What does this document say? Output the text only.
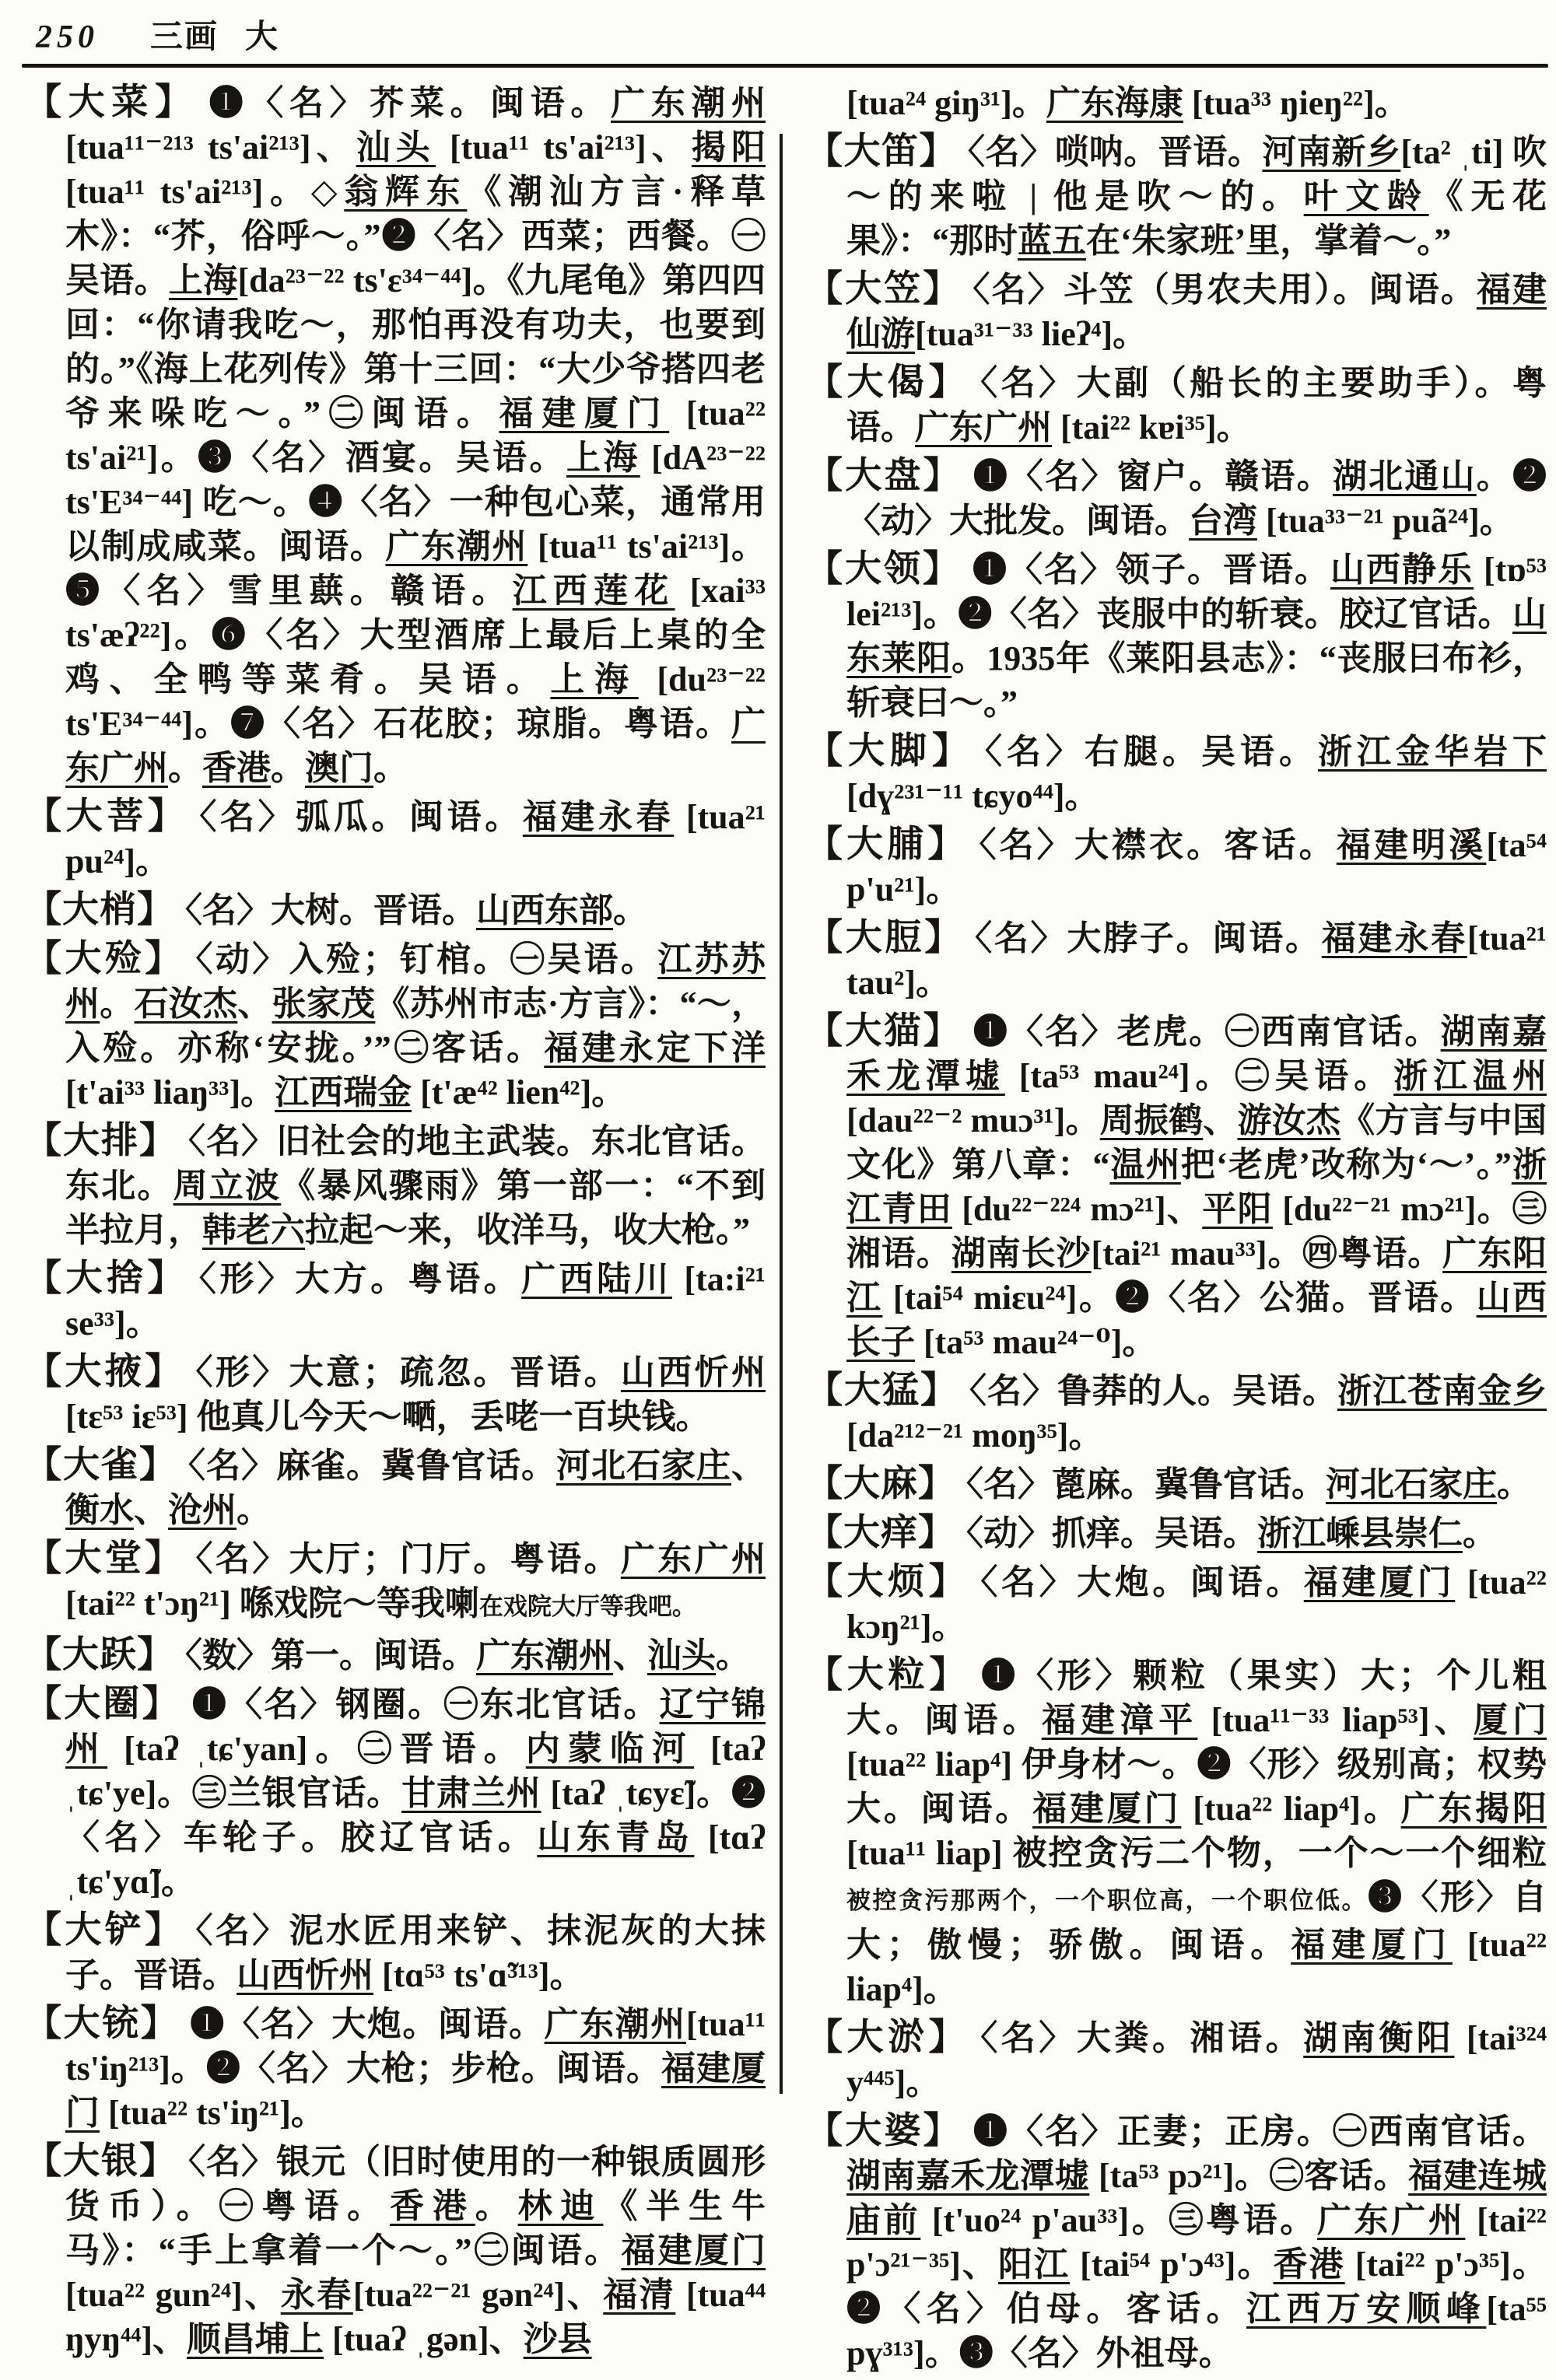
250 三画 大
【大菜】 ❶〈名〉芥菜。闽语。广东潮州 [tua¹¹⁻²¹³ ts'ai²¹³]、汕头 [tua¹¹ ts'ai²¹³]、揭阳 [tua¹¹ ts'ai²¹³]。◇翁辉东《潮汕方言·释草木》：“芥，俗呼～。”❷〈名〉西菜；西餐。㊀吴语。上海[da²³⁻²² ts'ε³⁴⁻⁴⁴]。《九尾龟》第四四回：“你请我吃～，那怕再没有功夫，也要到的。”《海上花列传》第十三回：“大少爷搭四老爷来哚吃～。”㊁闽语。福建厦门 [tua²² ts'ai²¹]。❸〈名〉酒宴。吴语。上海 [dA²³⁻²² ts'E³⁴⁻⁴⁴] 吃～。❹〈名〉一种包心菜，通常用以制成咸菜。闽语。广东潮州 [tua¹¹ ts'ai²¹³]。❺〈名〉雪里蕻。赣语。江西莲花 [xai³³ ts'æʔ²²]。❻〈名〉大型酒席上最后上桌的全鸡、全鸭等菜肴。吴语。上海 [du²³⁻²² ts'E³⁴⁻⁴⁴]。❼〈名〉石花胶；琼脂。粤语。广东广州。香港。澳门。
【大菩】 〈名〉弧瓜。闽语。福建永春 [tua²¹ pu²⁴]。
【大梢】 〈名〉大树。晋语。山西东部。
【大殓】 〈动〉入殓；钉棺。㊀吴语。江苏苏州。石汝杰、张家茂《苏州市志·方言》：“～，入殓。亦称‘安拢。’”㊁客话。福建永定下洋 [t'ai³³ liaŋ³³]。江西瑞金 [t'æ⁴² lien⁴²]。
【大排】 〈名〉旧社会的地主武装。东北官话。东北。周立波《暴风骤雨》第一部一：“不到半拉月，韩老六拉起～来，收洋马，收大枪。”
【大捨】 〈形〉大方。粤语。广西陆川 [ta:i²¹ se³³]。
【大掖】 〈形〉大意；疏忽。晋语。山西忻州 [tɛ⁵³ iɛ⁵³] 他真儿今天～嗮，丢咾一百块钱。
【大雀】 〈名〉麻雀。冀鲁官话。河北石家庄、衡水、沧州。
【大堂】 〈名〉大厅；门厅。粤语。广东广州[tai²² t'ɔŋ²¹] 喺戏院～等我喇在戏院大厅等我吧。
【大跃】 〈数〉第一。闽语。广东潮州、汕头。
【大圈】 ❶〈名〉钢圈。㊀东北官话。辽宁锦州 [taʔ ˌtɕ'yan]。㊁晋语。内蒙临河 [taʔ ˌtɕ'ye]。㊂兰银官话。甘肃兰州 [taʔ ˌtɕyɛ̃]。❷〈名〉车轮子。胶辽官话。山东青岛 [tɑʔ ˌtɕ'yɑ̃]。
【大铲】 〈名〉泥水匠用来铲、抹泥灰的大抹子。晋语。山西忻州 [tɑ⁵³ ts'ɑ̃³¹³]。
【大铳】 ❶〈名〉大炮。闽语。广东潮州[tua¹¹ ts'iŋ²¹³]。❷〈名〉大枪；步枪。闽语。福建厦门 [tua²² ts'iŋ²¹]。
【大银】 〈名〉银元（旧时使用的一种银质圆形货币）。㊀粤语。香港。林迪《半生牛马》：“手上拿着一个～。”㊁闽语。福建厦门[tua²² gun²⁴]、永春[tua²²⁻²¹ gən²⁴]、福清 [tua⁴⁴ ŋyŋ⁴⁴]、顺昌埔上 [tuaʔ ˌgən]、沙县
[tua²⁴ giŋ³¹]。广东海康 [tua³³ ŋieŋ²²]。
【大笛】 〈名〉唢呐。晋语。河南新乡[ta² ˌti] 吹～的来啦 | 他是吹～的。叶文龄《无花果》：“那时蓝五在‘朱家班’里，掌着～。”
【大笠】 〈名〉斗笠（男农夫用）。闽语。福建仙游[tua³¹⁻³³ lieʔ⁴]。
【大偈】 〈名〉大副（船长的主要助手）。粤语。广东广州 [tai²² kɐi³⁵]。
【大盘】 ❶〈名〉窗户。赣语。湖北通山。❷〈动〉大批发。闽语。台湾 [tua³³⁻²¹ puã²⁴]。
【大领】 ❶〈名〉领子。晋语。山西静乐 [tɒ⁵³ lei²¹³]。❷〈名〉丧服中的斩衰。胶辽官话。山东莱阳。1935年《莱阳县志》：“丧服曰布衫，斩衰曰～。”
【大脚】 〈名〉右腿。吴语。浙江金华岩下 [dɣ²³¹⁻¹¹ tɕyo⁴⁴]。
【大脯】 〈名〉大襟衣。客话。福建明溪[ta⁵⁴ p'u²¹]。
【大脰】 〈名〉大脖子。闽语。福建永春[tua²¹ tau²]。
【大猫】 ❶〈名〉老虎。㊀西南官话。湖南嘉禾龙潭墟 [ta⁵³ mau²⁴]。㊁吴语。浙江温州[dau²²⁻² muɔ³¹]。周振鹤、游汝杰《方言与中国文化》第八章：“温州把‘老虎’改称为‘～’。”浙江青田 [du²²⁻²²⁴ mɔ²¹]、平阳 [du²²⁻²¹ mɔ²¹]。㊂湘语。湖南长沙[tai²¹ mau³³]。㊃粤语。广东阳江 [tai⁵⁴ miɛu²⁴]。❷〈名〉公猫。晋语。山西长子 [ta⁵³ mau²⁴⁻⁰]。
【大猛】 〈名〉鲁莽的人。吴语。浙江苍南金乡[da²¹²⁻²¹ moŋ³⁵]。
【大麻】 〈名〉蓖麻。冀鲁官话。河北石家庄。
【大痒】 〈动〉抓痒。吴语。浙江嵊县崇仁。
【大烦】 〈名〉大炮。闽语。福建厦门 [tua²² kɔŋ²¹]。
【大粒】 ❶〈形〉颗粒（果实）大；个儿粗大。闽语。福建漳平 [tua¹¹⁻³³ liap⁵³]、厦门 [tua²² liap⁴] 伊身材～。❷〈形〉级别高；权势大。闽语。福建厦门 [tua²² liap⁴]。广东揭阳 [tua¹¹ liap] 被控贪污二个物，一个～一个细粒被控贪污那两个，一个职位高，一个职位低。❸〈形〉自大；傲慢；骄傲。闽语。福建厦门 [tua²² liap⁴]。
【大淤】 〈名〉大粪。湘语。湖南衡阳 [tai³²⁴ y⁴⁴⁵]。
【大婆】 ❶〈名〉正妻；正房。㊀西南官话。湖南嘉禾龙潭墟 [ta⁵³ pɔ²¹]。㊁客话。福建连城庙前 [t'uo²⁴ p'au³³]。㊂粤语。广东广州 [tai²² p'ɔ²¹⁻³⁵]、阳江 [tai⁵⁴ p'ɔ⁴³]。香港 [tai²² p'ɔ³⁵]。❷〈名〉伯母。客话。江西万安顺峰[ta⁵⁵ pɣ³¹³]。❸〈名〉外祖母。
